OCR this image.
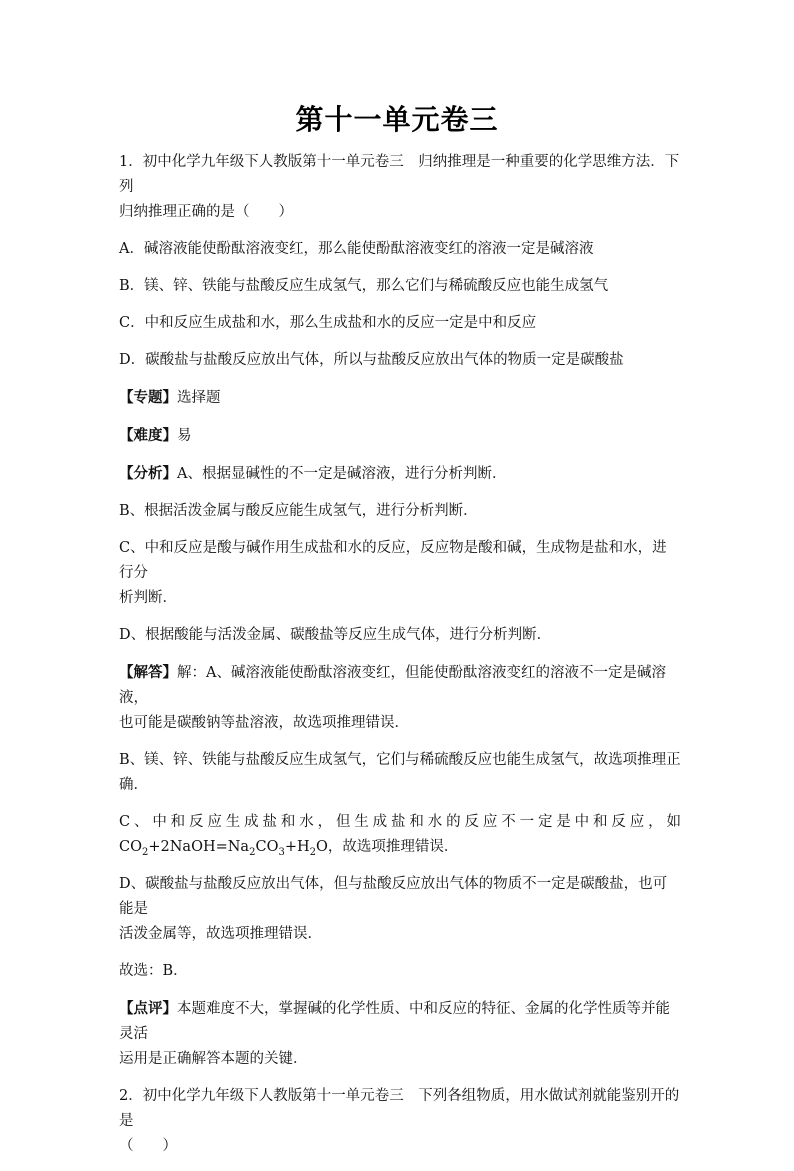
第十一单元卷三
1．初中化学九年级下人教版第十一单元卷三　归纳推理是一种重要的化学思维方法．下列
归纳推理正确的是（　　）
A．碱溶液能使酚酞溶液变红，那么能使酚酞溶液变红的溶液一定是碱溶液
B．镁、锌、铁能与盐酸反应生成氢气，那么它们与稀硫酸反应也能生成氢气
C．中和反应生成盐和水，那么生成盐和水的反应一定是中和反应
D．碳酸盐与盐酸反应放出气体，所以与盐酸反应放出气体的物质一定是碳酸盐
【专题】选择题
【难度】易
【分析】A、根据显碱性的不一定是碱溶液，进行分析判断．
B、根据活泼金属与酸反应能生成氢气，进行分析判断．
C、中和反应是酸与碱作用生成盐和水的反应，反应物是酸和碱，生成物是盐和水，进行分
析判断．
D、根据酸能与活泼金属、碳酸盐等反应生成气体，进行分析判断．
【解答】解：A、碱溶液能使酚酞溶液变红，但能使酚酞溶液变红的溶液不一定是碱溶液，
也可能是碳酸钠等盐溶液，故选项推理错误．
B、镁、锌、铁能与盐酸反应生成氢气，它们与稀硫酸反应也能生成氢气，故选项推理正
确．
C、中和反应生成盐和水，但生成盐和水的反应不一定是中和反应，如
$CO_2+2NaOH=Na_2CO_3+H_2O$，故选项推理错误．
D、碳酸盐与盐酸反应放出气体，但与盐酸反应放出气体的物质不一定是碳酸盐，也可能是
活泼金属等，故选项推理错误．
故选：B．
【点评】本题难度不大，掌握碱的化学性质、中和反应的特征、金属的化学性质等并能灵活
运用是正确解答本题的关键．
2．初中化学九年级下人教版第十一单元卷三　下列各组物质，用水做试剂就能鉴别开的是
（　　）
